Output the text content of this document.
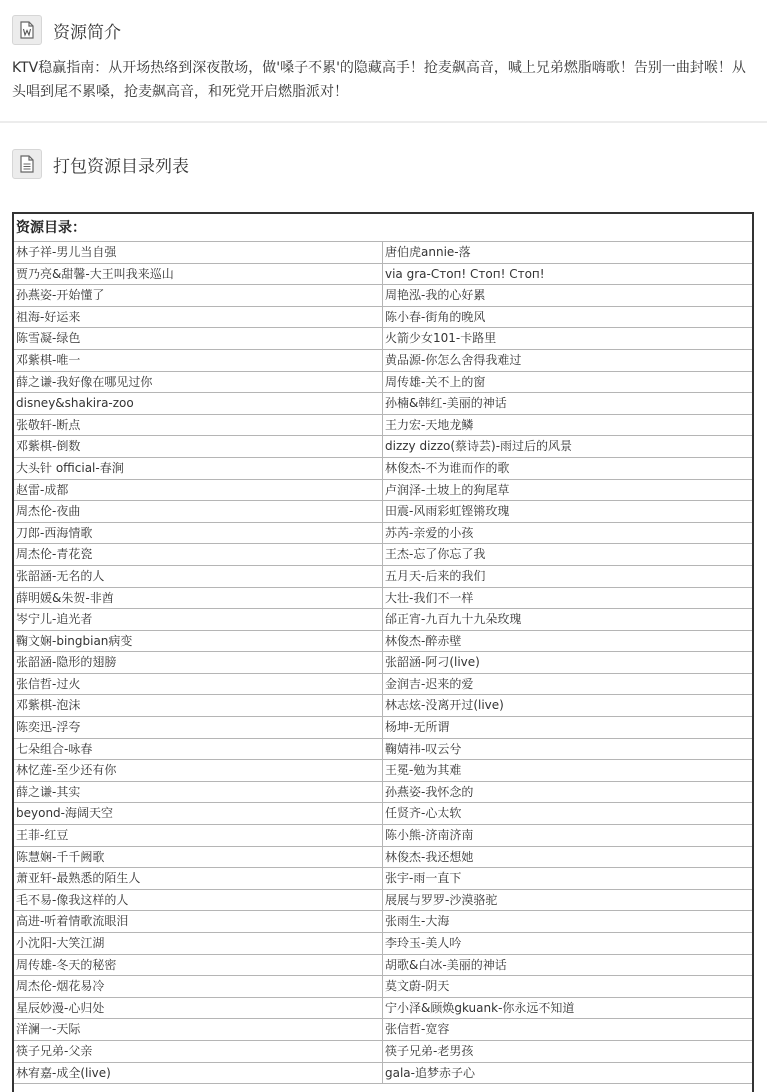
资源简介

KTV稳赢指南：从开场热络到深夜散场，做'嗓子不累'的隐藏高手！抢麦飙高音，喊上兄弟燃脂嗨歌！告别一曲封喉！从头唱到尾不累嗓，抢麦飙高音，和死党开启燃脂派对！

打包资源目录列表
资源目录：
林子祥-男儿当自强	唐伯虎annie-落
贾乃亮&甜馨-大王叫我来巡山	via gra-Стоп! Стоп! Стоп!
孙燕姿-开始懂了	周艳泓-我的心好累
祖海-好运来	陈小春-街角的晚风
陈雪凝-绿色	火箭少女101-卡路里
邓紫棋-唯一	黄品源-你怎么舍得我难过
薛之谦-我好像在哪见过你	周传雄-关不上的窗
disney&shakira-zoo	孙楠&韩红-美丽的神话
张敬轩-断点	王力宏-天地龙鳞
邓紫棋-倒数	dizzy dizzo(蔡诗芸)-雨过后的风景
大头针 official-春涧	林俊杰-不为谁而作的歌
赵雷-成都	卢润泽-土坡上的狗尾草
周杰伦-夜曲	田震-风雨彩虹铿锵玫瑰
刀郎-西海情歌	苏芮-亲爱的小孩
周杰伦-青花瓷	王杰-忘了你忘了我
张韶涵-无名的人	五月天-后来的我们
薛明媛&朱贺-非酋	大壮-我们不一样
岑宁儿-追光者	邰正宵-九百九十九朵玫瑰
鞠文娴-bingbian病变	林俊杰-醉赤壁
张韶涵-隐形的翅膀	张韶涵-阿刁(live)
张信哲-过火	金润吉-迟来的爱
邓紫棋-泡沫	林志炫-没离开过(live)
陈奕迅-浮夸	杨坤-无所谓
七朵组合-咏春	鞠婧祎-叹云兮
林忆莲-至少还有你	王冕-勉为其难
薛之谦-其实	孙燕姿-我怀念的
beyond-海阔天空	任贤齐-心太软
王菲-红豆	陈小熊-济南济南
陈慧娴-千千阙歌	林俊杰-我还想她
萧亚轩-最熟悉的陌生人	张宇-雨一直下
毛不易-像我这样的人	展展与罗罗-沙漠骆驼
高进-听着情歌流眼泪	张雨生-大海
小沈阳-大笑江湖	李玲玉-美人吟
周传雄-冬天的秘密	胡歌&白冰-美丽的神话
周杰伦-烟花易冷	莫文蔚-阴天
星辰妙漫-心归处	宁小泽&顾焕gkuank-你永远不知道
洋澜一-天际	张信哲-宽容
筷子兄弟-父亲	筷子兄弟-老男孩
林宥嘉-成全(live)	gala-追梦赤子心
